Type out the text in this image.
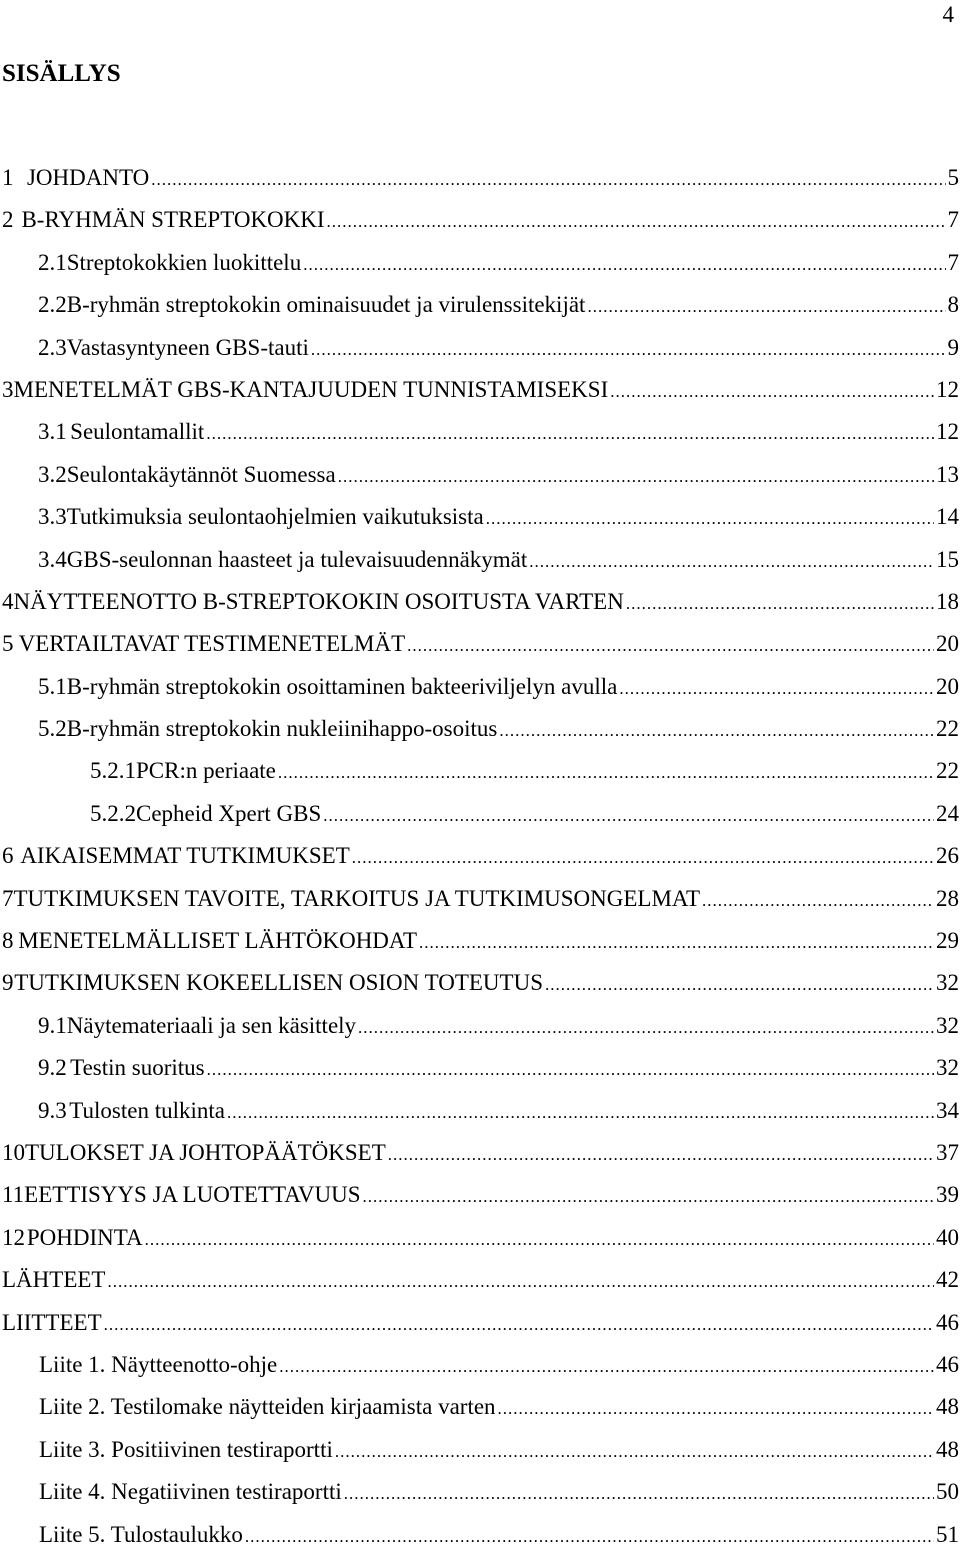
4
SISÄLLYS
1 JOHDANTO .....	5
2 B-RYHMÄN STREPTOKOKKI .....	7
2.1 Streptokokkien luokittelu .....	7
2.2 B-ryhmän streptokokin ominaisuudet ja virulenssitekijät .....	8
2.3 Vastasyntyneen GBS-tauti .....	9
3 MENETELMÄT GBS-KANTAJUUDEN TUNNISTAMISEKSI .....	12
3.1 Seulontamallit .....	12
3.2 Seulontakäytännöt Suomessa .....	13
3.3 Tutkimuksia seulontaohjelmien vaikutuksista .....	14
3.4 GBS-seulonnan haasteet ja tulevaisuudennäkymät .....	15
4 NÄYTTEENOTTO B-STREPTOKOKIN OSOITUSTA VARTEN .....	18
5 VERTAILTAVAT TESTIMENETELMÄT .....	20
5.1 B-ryhmän streptokokin osoittaminen bakteeriviljelyn avulla .....	20
5.2 B-ryhmän streptokokin nukleiinihappo-osoitus .....	22
5.2.1 PCR:n periaate .....	22
5.2.2 Cepheid Xpert GBS .....	24
6 AIKAISEMMAT TUTKIMUKSET .....	26
7 TUTKIMUKSEN TAVOITE, TARKOITUS JA TUTKIMUSONGELMAT .....	28
8 MENETELMÄLLISET LÄHTÖKOHDAT .....	29
9 TUTKIMUKSEN KOKEELLISEN OSION TOTEUTUS .....	32
9.1 Näytemateriaali ja sen käsittely .....	32
9.2 Testin suoritus .....	32
9.3 Tulosten tulkinta .....	34
10 TULOKSET JA JOHTOPÄÄTÖKSET .....	37
11 EETTISYYS JA LUOTETTAVUUS .....	39
12 POHDINTA .....	40
LÄHTEET .....	42
LIITTEET .....	46
Liite 1. Näytteenotto-ohje .....	46
Liite 2. Testilomake näytteiden kirjaamista varten .....	48
Liite 3. Positiivinen testiraportti .....	48
Liite 4. Negatiivinen testiraportti .....	50
Liite 5. Tulostaulukko .....	51
